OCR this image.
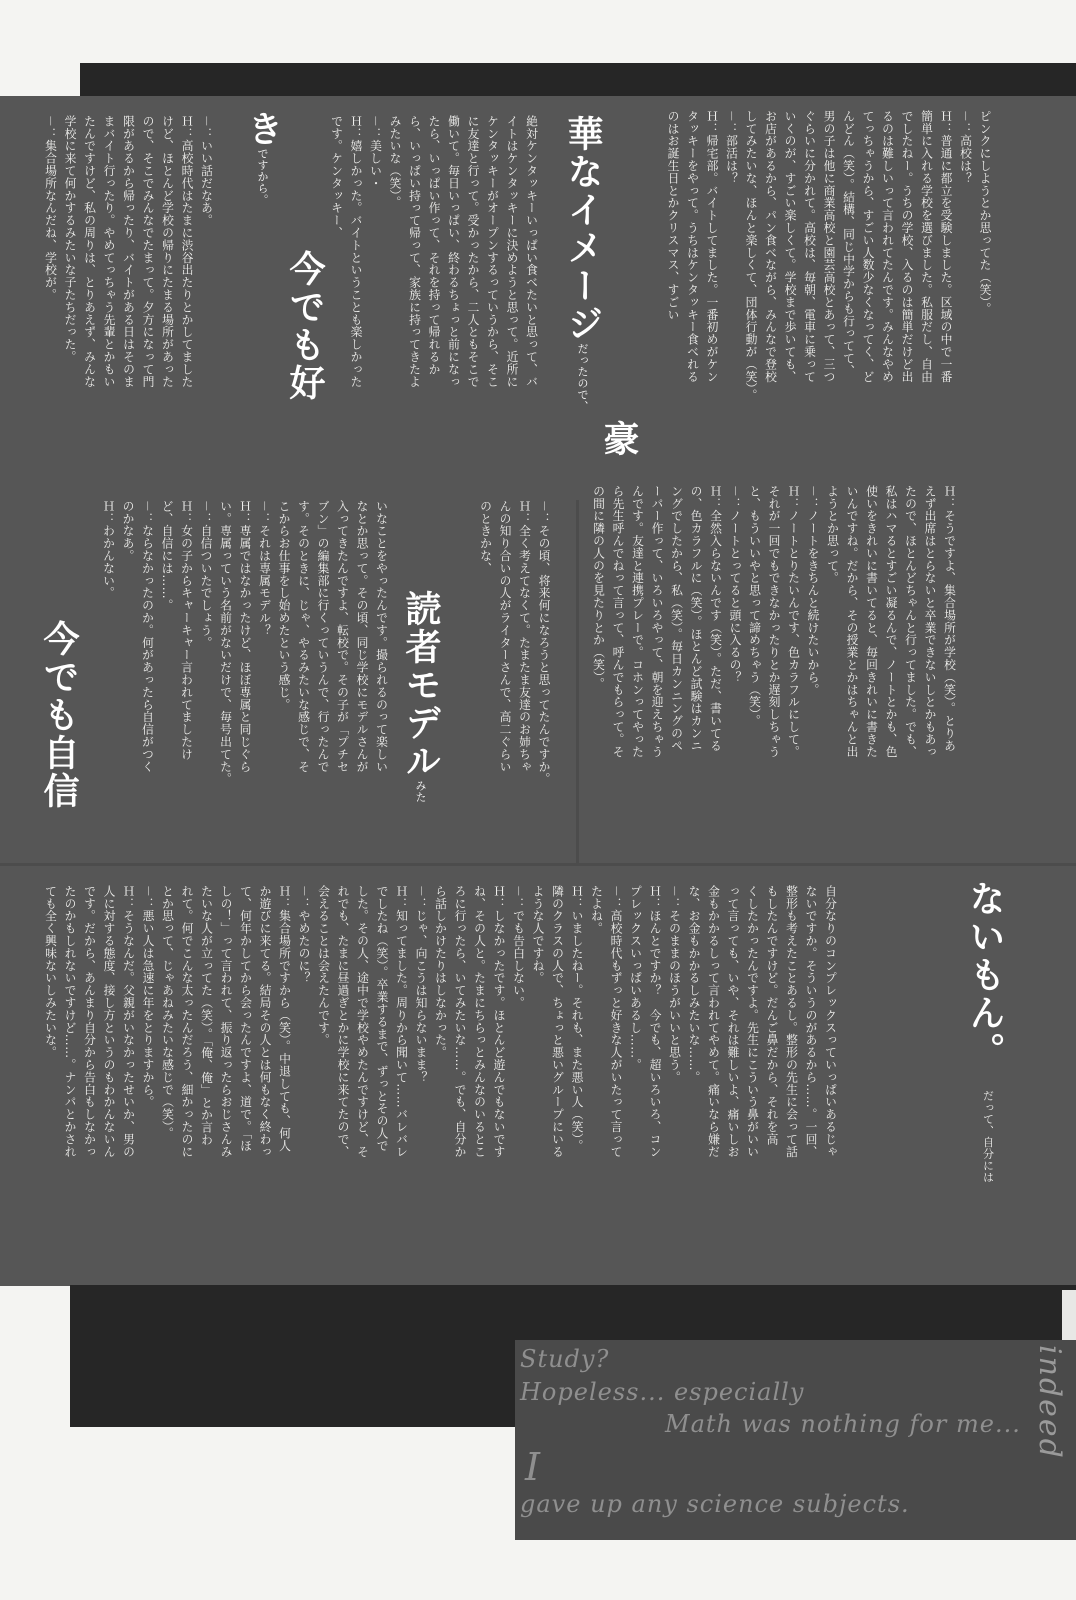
ピンクにしようとか思ってた（笑）。
－：高校は？
Ｈ：普通に都立を受験しました。区域の中で一番
簡単に入れる学校を選びました。私服だし、自由
でしたねー。うちの学校、入るのは簡単だけど出
るのは難しいって言われてたんです。みんなやめ
てっちゃうから、すごい人数少なくなってく、ど
んどん（笑）。結構、同じ中学からも行ってて、
男の子は他に商業高校と園芸高校とあって、三つ
ぐらいに分かれて。高校は、毎朝、電車に乗って
いくのが、すごい楽しくて。学校まで歩いても、
お店があるから、パン食べながら、みんなで登校
してみたいな、ほんと楽しくて、団体行動が（笑）。
－：部活は？
Ｈ：帰宅部。バイトしてました。一番初めがケン
タッキーをやって。うちはケンタッキー食べれる
のはお誕生日とかクリスマス、すごい
豪
華なイメージだったので、
絶対ケンタッキーいっぱい食べたいと思って、バ
イトはケンタッキーに決めようと思って。近所に
ケンタッキーがオープンするっていうから、そこ
に友達と行って。受かったから、二人ともそこで
働いて。毎日いっぱい、終わるちょっと前になっ
たら、いっぱい作って、それを持って帰れるか
ら、いっぱい持って帰って、家族に持ってきたよ
みたいな（笑）。
－：美しい・
Ｈ：嬉しかった。バイトということも楽しかった
です。ケンタッキー、
今でも好
きですから。
－：いい話だなあ。
Ｈ：高校時代はたまに渋谷出たりとかしてました
けど、ほとんど学校の帰りにたまる場所があった
ので、そこでみんなでたまって。夕方になって門
限があるから帰ったり、バイトがある日はそのま
まバイト行ったり。やめてっちゃう先輩とかもい
たんですけど、私の周りは、とりあえず、みんな
学校に来て何かするみたいな子たちだった。
－：集合場所なんだね、学校が。
Ｈ：そうですよ、集合場所が学校（笑）。とりあ
えず出席はとらないと卒業できないしとかもあっ
たので、ほとんどちゃんと行ってました。でも、
私はハマるとすごい凝るんで、ノートとかも、色
使いをきれいに書いてると、毎回きれいに書きた
いんですね。だから、その授業とかはちゃんと出
ようとか思って。
－：ノートをきちんと続けたいから。
Ｈ：ノートとりたいんです、色カラフルにして。
それが一回でもできなかったりとか遅刻しちゃう
と、もういいやと思って諦めちゃう（笑）。
－：ノートとってると頭に入るの？
Ｈ：全然入らないんです（笑）。ただ、書いてる
の、色カラフルに（笑）。ほとんど試験はカンニ
ングでしたから、私（笑）。毎日カンニングのペ
ーパー作って、いろいろやって、朝を迎えちゃう
んです。友達と連携プレーで。コホンってやった
ら先生呼んでねって言って、呼んでもらって。そ
の間に隣の人のを見たりとか（笑）。
－：その頃、将来何になろうと思ってたんですか。
Ｈ：全く考えてなくて。たまたま友達のお姉ちゃ
んの知り合いの人がライターさんで、高二ぐらい
のときかな、
読者モデルみた
いなことをやったんです。撮られるのって楽しい
なとか思って。その頃、同じ学校にモデルさんが
入ってきたんですよ、転校で。その子が「プチセ
ブン」の編集部に行くっていうんで、行ったんで
す。そのときに、じゃ、やるみたいな感じで、そ
こからお仕事をし始めたという感じ。
－：それは専属モデル？
Ｈ：専属ではなかったけど、ほぼ専属と同じぐら
い。専属っていう名前がないだけで、毎号出てた。
－：自信ついたでしょう。
Ｈ：女の子からキャーキャー言われてましたけ
ど、自信には……。
－：ならなかったのか。何があったら自信がつく
のかなあ。
Ｈ：わかんない。
今でも自信
ないもん。
だって、自分には
自分なりのコンプレックスっていっぱいあるじゃ
ないですか。そういうのがあるから……。一回、
整形も考えたことあるし。整形の先生に会って話
もしたんですけど。だんご鼻だから、それを高
くしたかったんですよ。先生にこういう鼻がいい
って言っても、いや、それは難しいよ、痛いしお
金もかかるしって言われてやめて。痛いなら嫌だ
な、お金もかかるしみたいな……。
－：そのままのほうがいいと思う。
Ｈ：ほんとですか？　今でも、超いろいろ、コン
プレックスいっぱいあるし……。
－：高校時代もずっと好きな人がいたって言って
たよね。
Ｈ：いましたねー。それも、また悪い人（笑）。
隣のクラスの人で、ちょっと悪いグループにいる
ような人ですね。
－：でも告白しない。
Ｈ：しなかったです。ほとんど遊んでもないです
ね、その人と。たまにちらっとみんなのいるとこ
ろに行ったら、いてみたいな……。でも、自分か
ら話しかけたりはしなかった。
－：じゃ、向こうは知らないまま？
Ｈ：知ってました。周りから聞いて……バレバレ
でしたね（笑）。卒業するまで、ずっとその人で
した。その人、途中で学校やめたんですけど、そ
れでも、たまに昼過ぎとかに学校に来てたので、
会えることは会えたんです。
－：やめたのに？
Ｈ：集合場所ですから（笑）。中退しても、何人
か遊びに来てる。結局その人とは何もなく終わっ
て、何年かしてから会ったんですよ、道で。「ほ
しの！」って言われて、振り返ったらおじさんみ
たいな人が立ってた（笑）。「俺、俺」とか言わ
れて。何でこんな太ったんだろう、細かったのに
とか思って、じゃあねみたいな感じで（笑）。
－：悪い人は急速に年をとりますから。
Ｈ：そうなんだ。父親がいなかったせいか、男の
人に対する態度、接し方というのもわかんないん
です。だから、あんまり自分から告白もしなかっ
たのかもしれないですけど……。ナンパとかされ
ても全く興味ないしみたいな。
Study?
Hopeless... especially
Math was nothing for me...
I
gave up any science subjects.
indeed
